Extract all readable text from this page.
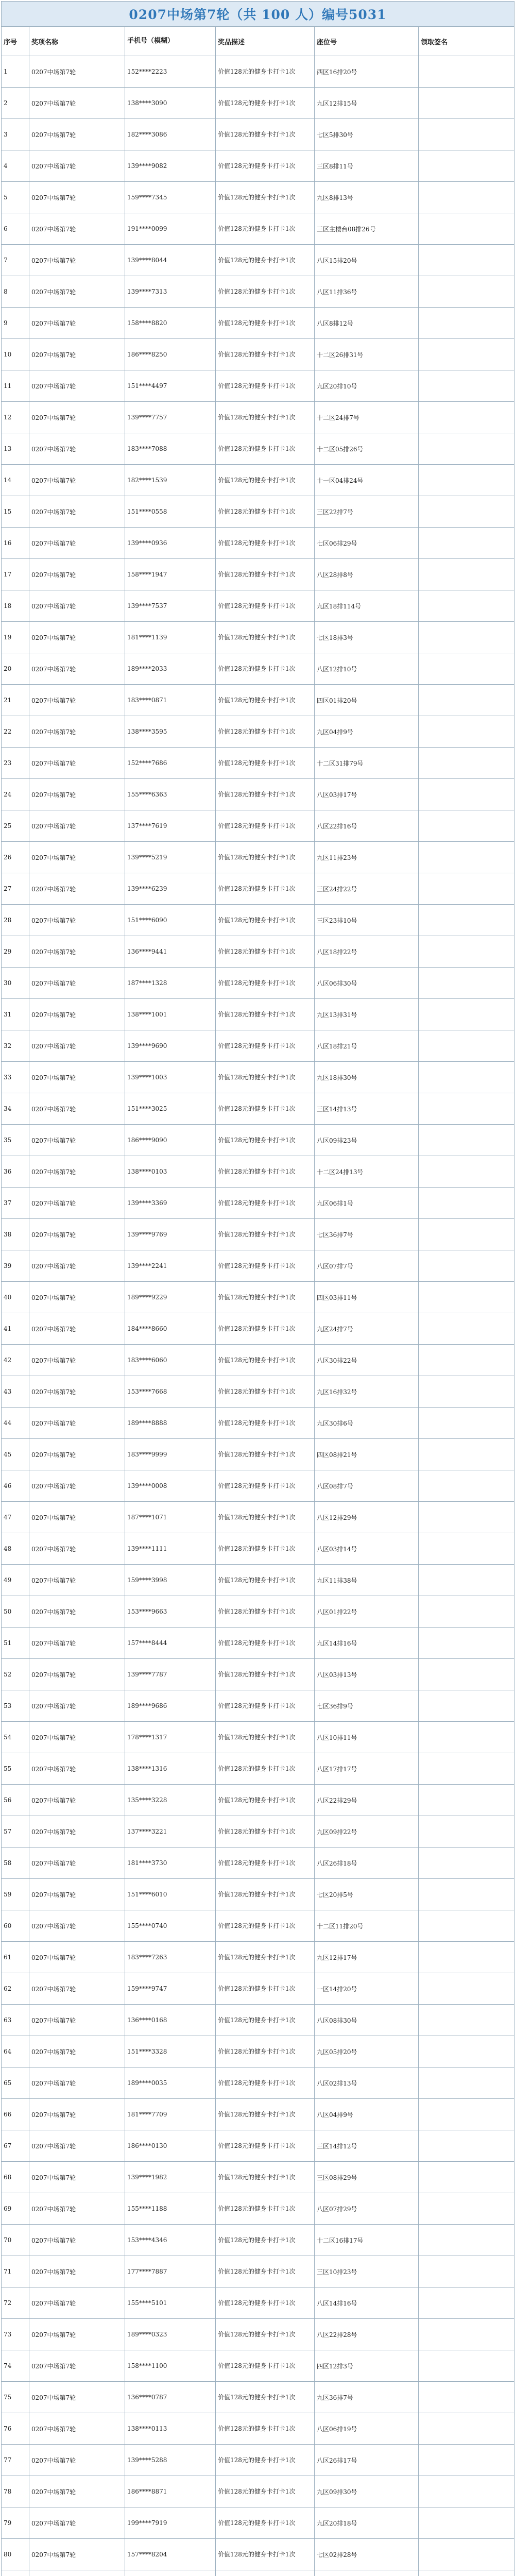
0207中场第7轮（共 100 人）编号5031					
序号	奖项名称	手机号（模糊）	奖品描述	座位号	领取签名
1	0207中场第7轮	152****2223	价值128元的健身卡打卡1次	西区16排20号	
2	0207中场第7轮	138****3090	价值128元的健身卡打卡1次	九区12排15号	
3	0207中场第7轮	182****3086	价值128元的健身卡打卡1次	七区5排30号	
4	0207中场第7轮	139****9082	价值128元的健身卡打卡1次	三区8排11号	
5	0207中场第7轮	159****7345	价值128元的健身卡打卡1次	九区8排13号	
6	0207中场第7轮	191****0099	价值128元的健身卡打卡1次	三区主楼台08排26号	
7	0207中场第7轮	139****8044	价值128元的健身卡打卡1次	八区15排20号	
8	0207中场第7轮	139****7313	价值128元的健身卡打卡1次	八区11排36号	
9	0207中场第7轮	158****8820	价值128元的健身卡打卡1次	八区8排12号	
10	0207中场第7轮	186****8250	价值128元的健身卡打卡1次	十二区26排31号	
11	0207中场第7轮	151****4497	价值128元的健身卡打卡1次	九区20排10号	
12	0207中场第7轮	139****7757	价值128元的健身卡打卡1次	十二区24排7号	
13	0207中场第7轮	183****7088	价值128元的健身卡打卡1次	十二区05排26号	
14	0207中场第7轮	182****1539	价值128元的健身卡打卡1次	十一区04排24号	
15	0207中场第7轮	151****0558	价值128元的健身卡打卡1次	三区22排7号	
16	0207中场第7轮	139****0936	价值128元的健身卡打卡1次	七区06排29号	
17	0207中场第7轮	158****1947	价值128元的健身卡打卡1次	八区28排8号	
18	0207中场第7轮	139****7537	价值128元的健身卡打卡1次	九区18排114号	
19	0207中场第7轮	181****1139	价值128元的健身卡打卡1次	七区18排3号	
20	0207中场第7轮	189****2033	价值128元的健身卡打卡1次	八区12排10号	
21	0207中场第7轮	183****0871	价值128元的健身卡打卡1次	四区01排20号	
22	0207中场第7轮	138****3595	价值128元的健身卡打卡1次	九区04排9号	
23	0207中场第7轮	152****7686	价值128元的健身卡打卡1次	十二区31排79号	
24	0207中场第7轮	155****6363	价值128元的健身卡打卡1次	八区03排17号	
25	0207中场第7轮	137****7619	价值128元的健身卡打卡1次	八区22排16号	
26	0207中场第7轮	139****5219	价值128元的健身卡打卡1次	九区11排23号	
27	0207中场第7轮	139****6239	价值128元的健身卡打卡1次	三区24排22号	
28	0207中场第7轮	151****6090	价值128元的健身卡打卡1次	三区23排10号	
29	0207中场第7轮	136****9441	价值128元的健身卡打卡1次	八区18排22号	
30	0207中场第7轮	187****1328	价值128元的健身卡打卡1次	八区06排30号	
31	0207中场第7轮	138****1001	价值128元的健身卡打卡1次	九区13排31号	
32	0207中场第7轮	139****9690	价值128元的健身卡打卡1次	八区18排21号	
33	0207中场第7轮	139****1003	价值128元的健身卡打卡1次	九区18排30号	
34	0207中场第7轮	151****3025	价值128元的健身卡打卡1次	三区14排13号	
35	0207中场第7轮	186****9090	价值128元的健身卡打卡1次	八区09排23号	
36	0207中场第7轮	138****0103	价值128元的健身卡打卡1次	十二区24排13号	
37	0207中场第7轮	139****3369	价值128元的健身卡打卡1次	九区06排1号	
38	0207中场第7轮	139****9769	价值128元的健身卡打卡1次	七区36排7号	
39	0207中场第7轮	139****2241	价值128元的健身卡打卡1次	八区07排7号	
40	0207中场第7轮	189****9229	价值128元的健身卡打卡1次	四区03排11号	
41	0207中场第7轮	184****8660	价值128元的健身卡打卡1次	九区24排7号	
42	0207中场第7轮	183****6060	价值128元的健身卡打卡1次	八区30排22号	
43	0207中场第7轮	153****7668	价值128元的健身卡打卡1次	九区16排32号	
44	0207中场第7轮	189****8888	价值128元的健身卡打卡1次	九区30排6号	
45	0207中场第7轮	183****9999	价值128元的健身卡打卡1次	四区08排21号	
46	0207中场第7轮	139****0008	价值128元的健身卡打卡1次	八区08排7号	
47	0207中场第7轮	187****1071	价值128元的健身卡打卡1次	八区12排29号	
48	0207中场第7轮	139****1111	价值128元的健身卡打卡1次	八区03排14号	
49	0207中场第7轮	159****3998	价值128元的健身卡打卡1次	九区11排38号	
50	0207中场第7轮	153****9663	价值128元的健身卡打卡1次	八区01排22号	
51	0207中场第7轮	157****8444	价值128元的健身卡打卡1次	九区14排16号	
52	0207中场第7轮	139****7787	价值128元的健身卡打卡1次	八区03排13号	
53	0207中场第7轮	189****9686	价值128元的健身卡打卡1次	七区36排9号	
54	0207中场第7轮	178****1317	价值128元的健身卡打卡1次	八区10排11号	
55	0207中场第7轮	138****1316	价值128元的健身卡打卡1次	八区17排17号	
56	0207中场第7轮	135****3228	价值128元的健身卡打卡1次	八区22排29号	
57	0207中场第7轮	137****3221	价值128元的健身卡打卡1次	九区09排22号	
58	0207中场第7轮	181****3730	价值128元的健身卡打卡1次	八区26排18号	
59	0207中场第7轮	151****6010	价值128元的健身卡打卡1次	七区20排5号	
60	0207中场第7轮	155****0740	价值128元的健身卡打卡1次	十二区11排20号	
61	0207中场第7轮	183****7263	价值128元的健身卡打卡1次	九区12排17号	
62	0207中场第7轮	159****9747	价值128元的健身卡打卡1次	一区14排20号	
63	0207中场第7轮	136****0168	价值128元的健身卡打卡1次	八区08排30号	
64	0207中场第7轮	151****3328	价值128元的健身卡打卡1次	九区05排20号	
65	0207中场第7轮	189****0035	价值128元的健身卡打卡1次	八区02排13号	
66	0207中场第7轮	181****7709	价值128元的健身卡打卡1次	八区04排9号	
67	0207中场第7轮	186****0130	价值128元的健身卡打卡1次	三区14排12号	
68	0207中场第7轮	139****1982	价值128元的健身卡打卡1次	三区08排29号	
69	0207中场第7轮	155****1188	价值128元的健身卡打卡1次	八区07排29号	
70	0207中场第7轮	153****4346	价值128元的健身卡打卡1次	十二区16排17号	
71	0207中场第7轮	177****7887	价值128元的健身卡打卡1次	三区10排23号	
72	0207中场第7轮	155****5101	价值128元的健身卡打卡1次	八区14排16号	
73	0207中场第7轮	189****0323	价值128元的健身卡打卡1次	八区22排28号	
74	0207中场第7轮	158****1100	价值128元的健身卡打卡1次	四区12排3号	
75	0207中场第7轮	136****0787	价值128元的健身卡打卡1次	九区36排7号	
76	0207中场第7轮	138****0113	价值128元的健身卡打卡1次	八区06排19号	
77	0207中场第7轮	139****5288	价值128元的健身卡打卡1次	八区26排17号	
78	0207中场第7轮	186****8871	价值128元的健身卡打卡1次	九区09排30号	
79	0207中场第7轮	199****7919	价值128元的健身卡打卡1次	九区20排18号	
80	0207中场第7轮	157****8204	价值128元的健身卡打卡1次	七区02排28号	
